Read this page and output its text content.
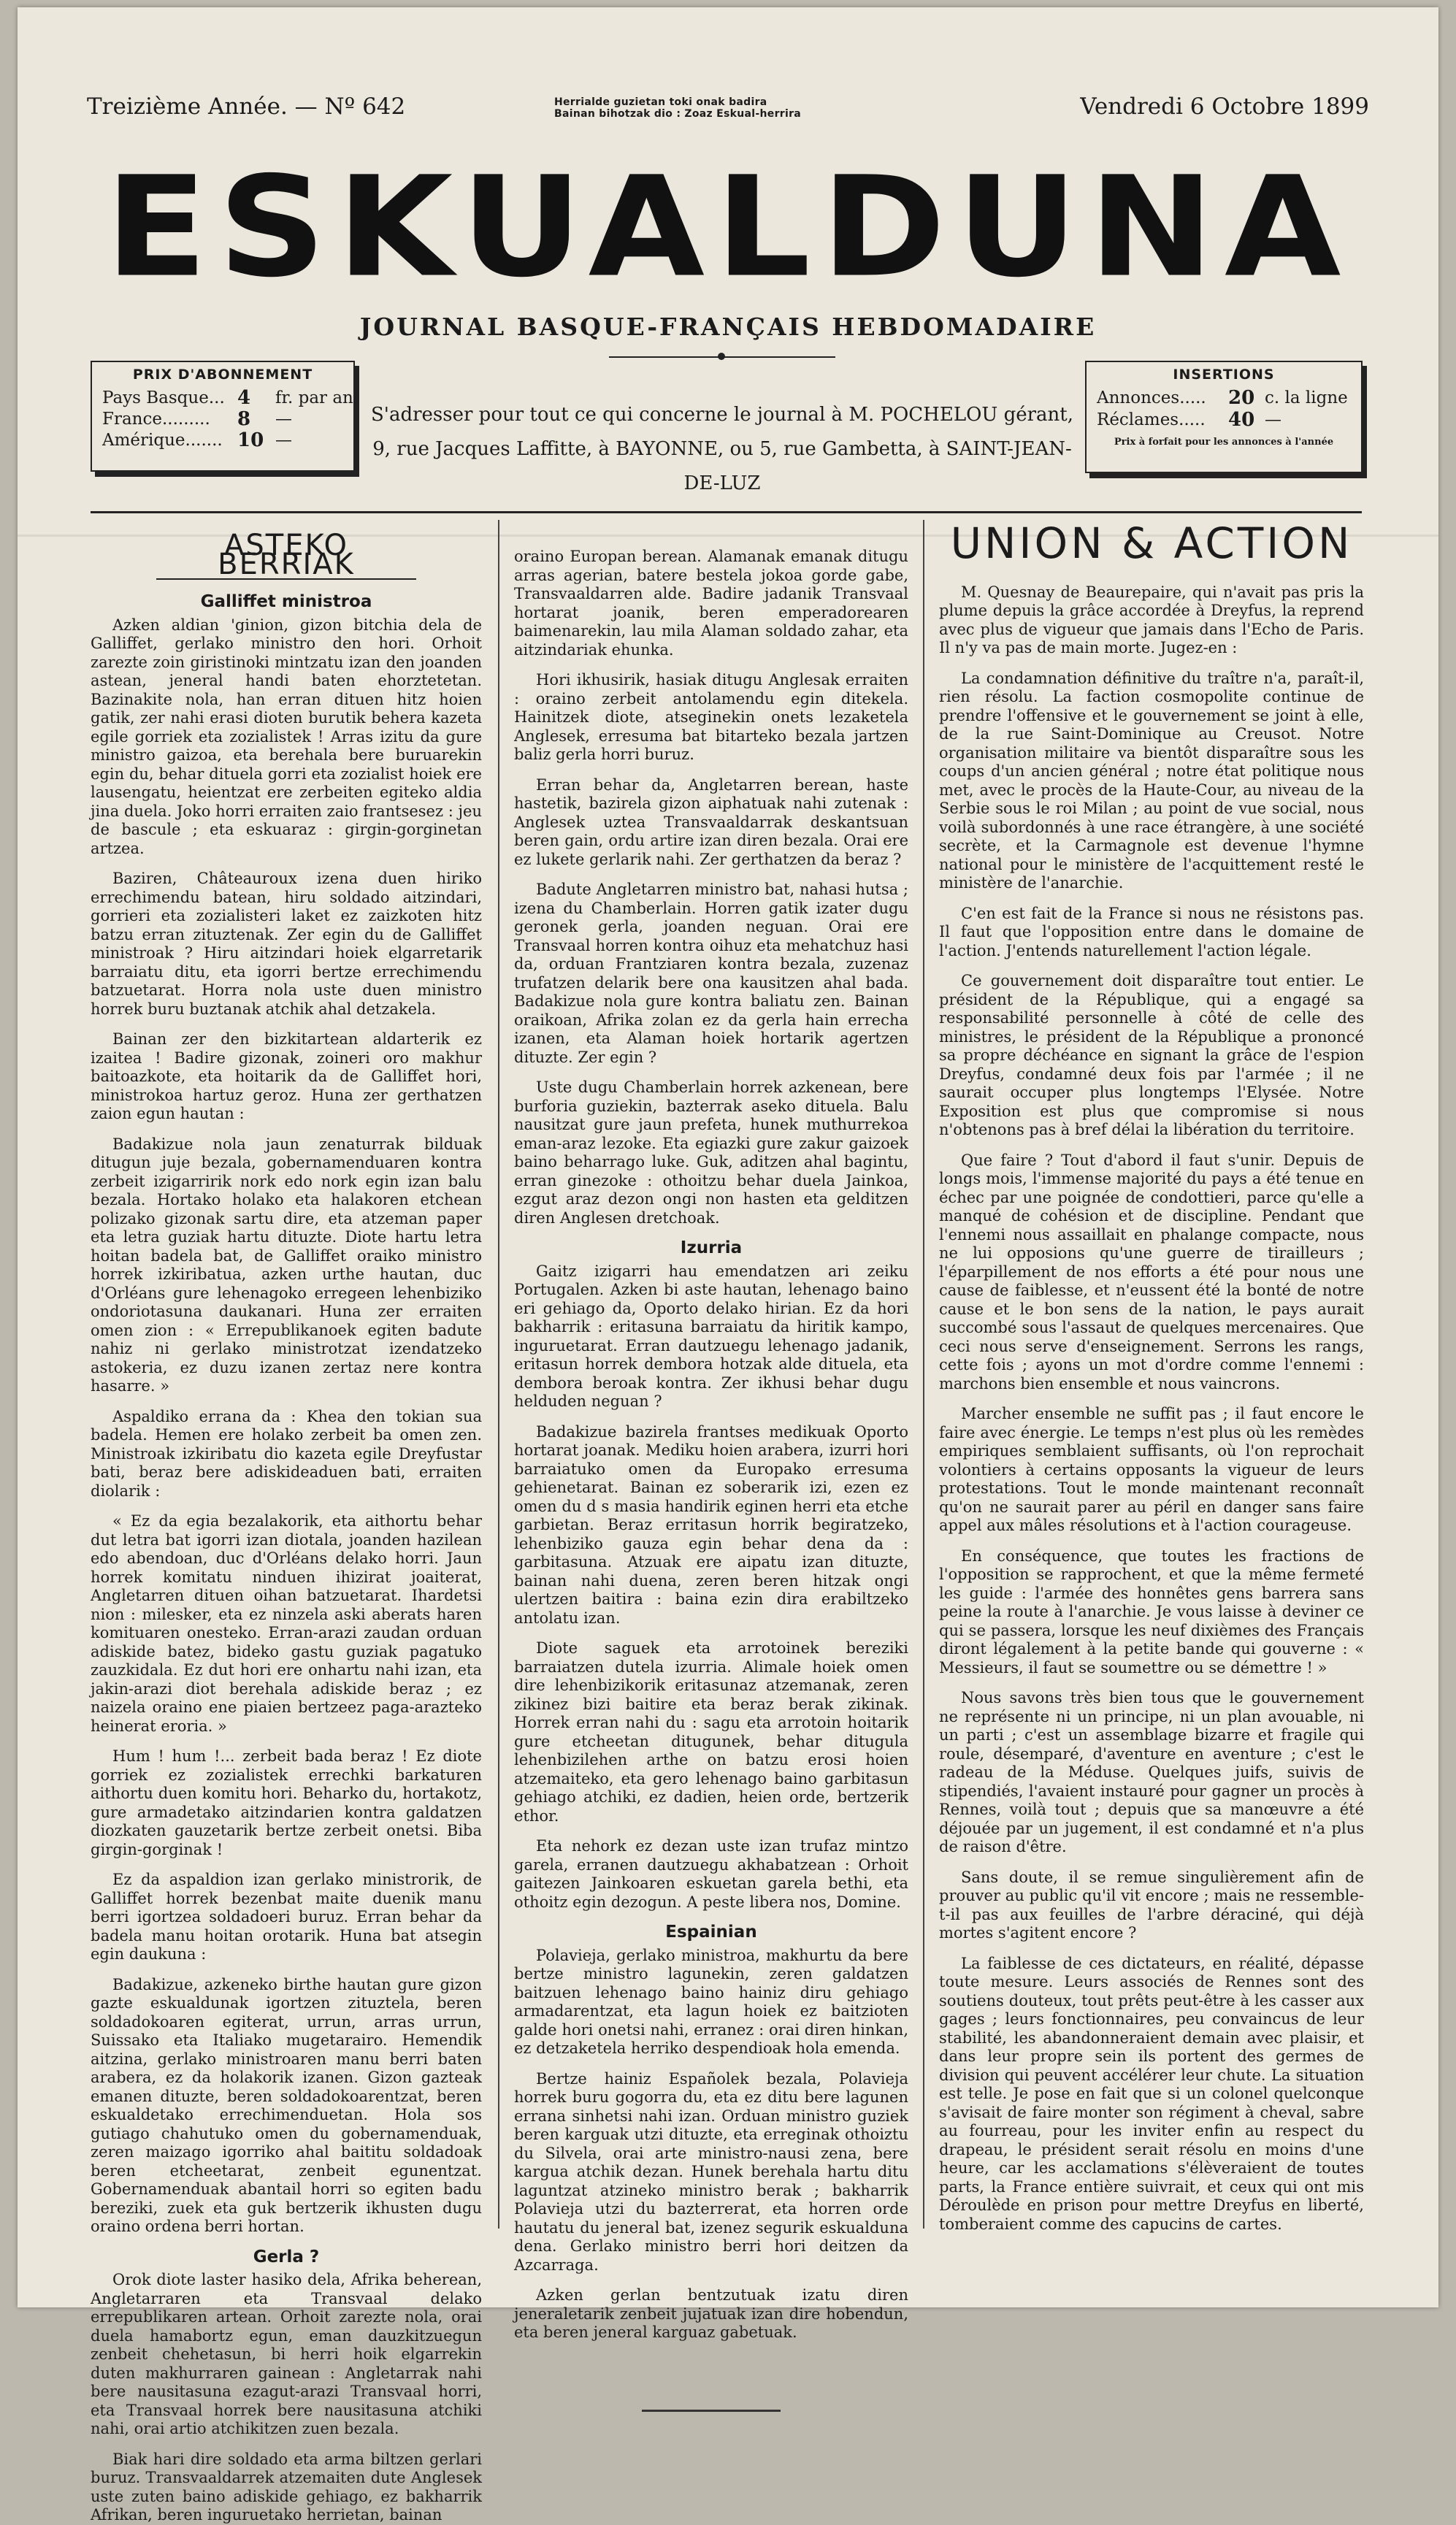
Treizième Année. — Nº 642	Herrialde guzietan toki onak badira
Bainan bihotzak dio : Zoaz Eskual-herrira	Vendredi 6 Octobre 1899
ESKUALDUNA
JOURNAL BASQUE-FRANÇAIS HEBDOMADAIRE
PRIX D'ABONNEMENT
Pays Basque... 4	fr. par an
France.........	8	—
Amérique....... 10 —
S'adresser pour tout ce qui concerne le journal à M. POCHELOU gérant,
9, rue Jacques Laffitte, à BAYONNE, ou 5, rue Gambetta, à SAINT-JEAN-DE-LUZ
INSERTIONS
Annonces.....	20 c. la ligne
Réclames.....	40 —
Prix à forfait pour les annonces à l'année
ASTEKO BERRIAK
Galliffet ministroa

Azken aldian 'ginion, gizon bitchia dela de Galliffet, gerlako ministro den hori. Orhoit zarezte zoin giristinoki mintzatu izan den joanden astean, jeneral handi baten ehorztetetan. Bazinakite nola, han erran dituen hitz hoien gatik, zer nahi erasi dioten burutik behera kazeta egile gorriek eta zozialistek ! Arras izitu da gure ministro gaizoa, eta berehala bere buruarekin egin du, behar dituela gorri eta zozialist hoiek ere lausengatu, heientzat ere zerbeiten egiteko aldia jina duela. Joko horri erraiten zaio frantsesez : jeu de bascule ; eta eskuaraz : girgin-gorginetan artzea.

Baziren, Châteauroux izena duen hiriko errechimendu batean, hiru soldado aitzindari, gorrieri eta zozialisteri laket ez zaizkoten hitz batzu erran zituztenak. Zer egin du de Galliffet ministroak ? Hiru aitzindari hoiek elgarretarik barraiatu ditu, eta igorri bertze errechimendu batzuetarat. Horra nola uste duen ministro horrek buru buztanak atchik ahal detzakela.

Bainan zer den bizkitartean aldarterik ez izaitea ! Badire gizonak, zoineri oro makhur baitoazkote, eta hoitarik da de Galliffet hori, ministrokoa hartuz geroz. Huna zer gerthatzen zaion egun hautan :

Badakizue nola jaun zenaturrak bilduak ditugun juje bezala, gobernamenduaren kontra zerbeit izigarririk nork edo nork egin izan balu bezala. Hortako holako eta halakoren etchean polizako gizonak sartu dire, eta atzeman paper eta letra guziak hartu dituzte. Diote hartu letra hoitan badela bat, de Galliffet oraiko ministro horrek izkiribatua, azken urthe hautan, duc d'Orléans gure lehenagoko erregeen lehenbiziko ondoriotasuna daukanari. Huna zer erraiten omen zion : « Errepublikanoek egiten badute nahiz ni gerlako ministrotzat izendatzeko astokeria, ez duzu izanen zertaz nere kontra hasarre. »

Aspaldiko errana da : Khea den tokian sua badela. Hemen ere holako zerbeit ba omen zen. Ministroak izkiribatu dio kazeta egile Dreyfustar bati, beraz bere adiskideaduen bati, erraiten diolarik :

« Ez da egia bezalakorik, eta aithortu behar dut letra bat igorri izan diotala, joanden hazilean edo abendoan, duc d'Orléans delako horri. Jaun horrek komitatu ninduen ihizirat joaiterat, Angletarren dituen oihan batzuetarat. Ihardetsi nion : milesker, eta ez ninzela aski aberats haren komituaren onesteko. Erran-arazi zaudan orduan adiskide batez, bideko gastu guziak pagatuko zauzkidala. Ez dut hori ere onhartu nahi izan, eta jakin-arazi diot berehala adiskide beraz ; ez naizela oraino ene piaien bertzeez paga-arazteko heinerat eroria. »

Hum ! hum !... zerbeit bada beraz ! Ez diote gorriek ez zozialistek errechki barkaturen aithortu duen komitu hori. Beharko du, hortakotz, gure armadetako aitzindarien kontra galdatzen diozkaten gauzetarik bertze zerbeit onetsi. Biba girgin-gorginak !

Ez da aspaldion izan gerlako ministrorik, de Galliffet horrek bezenbat maite duenik manu berri igortzea soldadoeri buruz. Erran behar da badela manu hoitan orotarik. Huna bat atsegin egin daukuna :

Badakizue, azkeneko birthe hautan gure gizon gazte eskualdunak igortzen zituztela, beren soldadokoaren egiterat, urrun, arras urrun, Suissako eta Italiako mugetarairo. Hemendik aitzina, gerlako ministroaren manu berri baten arabera, ez da holakorik izanen. Gizon gazteak emanen dituzte, beren soldadokoarentzat, beren eskualdetako errechimenduetan. Hola sos gutiago chahutuko omen du gobernamenduak, zeren maizago igorriko ahal baititu soldadoak beren etcheetarat, zenbeit egunentzat. Gobernamenduak abantail horri so egiten badu bereziki, zuek eta guk bertzerik ikhusten dugu oraino ordena berri hortan.

Gerla ?

Orok diote laster hasiko dela, Afrika beherean, Angletarraren eta Transvaal delako errepublikaren artean. Orhoit zarezte nola, orai duela hamabortz egun, eman dauzkitzuegun zenbeit chehetasun, bi herri hoik elgarrekin duten makhurraren gainean : Angletarrak nahi bere nausitasuna ezagut-arazi Transvaal horri, eta Transvaal horrek bere nausitasuna atchiki nahi, orai artio atchikitzen zuen bezala.

Biak hari dire soldado eta arma biltzen gerlari buruz. Transvaaldarrek atzemaiten dute Anglesek uste zuten baino adiskide gehiago, ez bakharrik Afrikan, beren inguruetako herrietan, bainan

oraino Europan berean. Alamanak emanak ditugu arras agerian, batere bestela jokoa gorde gabe, Transvaaldarren alde. Badire jadanik Transvaal hortarat joanik, beren emperadorearen baimenarekin, lau mila Alaman soldado zahar, eta aitzindariak ehunka.

Hori ikhusirik, hasiak ditugu Anglesak erraiten : oraino zerbeit antolamendu egin ditekela. Hainitzek diote, atseginekin onets lezaketela Anglesek, erresuma bat bitarteko bezala jartzen baliz gerla horri buruz.

Erran behar da, Angletarren berean, haste hastetik, bazirela gizon aiphatuak nahi zutenak : Anglesek uztea Transvaaldarrak deskantsuan beren gain, ordu artire izan diren bezala. Orai ere ez lukete gerlarik nahi. Zer gerthatzen da beraz ?

Badute Angletarren ministro bat, nahasi hutsa ; izena du Chamberlain. Horren gatik izater dugu geronek gerla, joanden neguan. Orai ere Transvaal horren kontra oihuz eta mehatchuz hasi da, orduan Frantziaren kontra bezala, zuzenaz trufatzen delarik bere ona kausitzen ahal bada. Badakizue nola gure kontra baliatu zen. Bainan oraikoan, Afrika zolan ez da gerla hain errecha izanen, eta Alaman hoiek hortarik agertzen dituzte. Zer egin ?

Uste dugu Chamberlain horrek azkenean, bere burforia guziekin, bazterrak aseko dituela. Balu nausitzat gure jaun prefeta, hunek muthurrekoa eman-araz lezoke. Eta egiazki gure zakur gaizoek baino beharrago luke. Guk, aditzen ahal bagintu, erran ginezoke : othoitzu behar duela Jainkoa, ezgut araz dezon ongi non hasten eta gelditzen diren Anglesen dretchoak.

Izurria

Gaitz izigarri hau emendatzen ari zeiku Portugalen. Azken bi aste hautan, lehenago baino eri gehiago da, Oporto delako hirian. Ez da hori bakharrik : eritasuna barraiatu da hiritik kampo, inguruetarat. Erran dautzuegu lehenago jadanik, eritasun horrek dembora hotzak alde dituela, eta dembora beroak kontra. Zer ikhusi behar dugu helduden neguan ?

Badakizue bazirela frantses medikuak Oporto hortarat joanak. Mediku hoien arabera, izurri hori barraiatuko omen da Europako erresuma gehienetarat. Bainan ez soberarik izi, ezen ez omen du d s masia handirik eginen herri eta etche garbietan. Beraz erritasun horrik begiratzeko, lehenbiziko gauza egin behar dena da : garbitasuna. Atzuak ere aipatu izan dituzte, bainan nahi duena, zeren beren hitzak ongi ulertzen baitira : baina ezin dira erabiltzeko antolatu izan.

Diote saguek eta arrotoinek bereziki barraiatzen dutela izurria. Alimale hoiek omen dire lehenbizikorik eritasunaz atzemanak, zeren zikinez bizi baitire eta beraz berak zikinak. Horrek erran nahi du : sagu eta arrotoin hoitarik gure etcheetan ditugunek, behar ditugula lehenbizilehen arthe on batzu erosi hoien atzemaiteko, eta gero lehenago baino garbitasun gehiago atchiki, ez dadien, heien orde, bertzerik ethor.

Eta nehork ez dezan uste izan trufaz mintzo garela, erranen dautzuegu akhabatzean : Orhoit gaitezen Jainkoaren eskuetan garela bethi, eta othoitz egin dezogun. A peste libera nos, Domine.

Espainian

Polavieja, gerlako ministroa, makhurtu da bere bertze ministro lagunekin, zeren galdatzen baitzuen lehenago baino hainiz diru gehiago armadarentzat, eta lagun hoiek ez baitzioten galde hori onetsi nahi, erranez : orai diren hinkan, ez detzaketela herriko despendioak hola emenda.

Bertze hainiz Españolek bezala, Polavieja horrek buru gogorra du, eta ez ditu bere lagunen errana sinhetsi nahi izan. Orduan ministro guziek beren karguak utzi dituzte, eta erreginak othoiztu du Silvela, orai arte ministro-nausi zena, bere kargua atchik dezan. Hunek berehala hartu ditu laguntzat atzineko ministro berak ; bakharrik Polavieja utzi du bazterrerat, eta horren orde hautatu du jeneral bat, izenez segurik eskualduna dena. Gerlako ministro berri hori deitzen da Azcarraga.

Azken gerlan bentzutuak izatu diren jeneraletarik zenbeit jujatuak izan dire hobendun, eta beren jeneral karguaz gabetuak.

UNION & ACTION

M. Quesnay de Beaurepaire, qui n'avait pas pris la plume depuis la grâce accordée à Dreyfus, la reprend avec plus de vigueur que jamais dans l'Echo de Paris. Il n'y va pas de main morte. Jugez-en :

La condamnation définitive du traître n'a, paraît-il, rien résolu. La faction cosmopolite continue de prendre l'offensive et le gouvernement se joint à elle, de la rue Saint-Dominique au Creusot. Notre organisation militaire va bientôt disparaître sous les coups d'un ancien général ; notre état politique nous met, avec le procès de la Haute-Cour, au niveau de la Serbie sous le roi Milan ; au point de vue social, nous voilà subordonnés à une race étrangère, à une société secrète, et la Carmagnole est devenue l'hymne national pour le ministère de l'acquittement resté le ministère de l'anarchie.

C'en est fait de la France si nous ne résistons pas. Il faut que l'opposition entre dans le domaine de l'action. J'entends naturellement l'action légale.

Ce gouvernement doit disparaître tout entier. Le président de la République, qui a engagé sa responsabilité personnelle à côté de celle des ministres, le président de la République a prononcé sa propre déchéance en signant la grâce de l'espion Dreyfus, condamné deux fois par l'armée ; il ne saurait occuper plus longtemps l'Elysée. Notre Exposition est plus que compromise si nous n'obtenons pas à bref délai la libération du territoire.

Que faire ? Tout d'abord il faut s'unir. Depuis de longs mois, l'immense majorité du pays a été tenue en échec par une poignée de condottieri, parce qu'elle a manqué de cohésion et de discipline. Pendant que l'ennemi nous assaillait en phalange compacte, nous ne lui opposions qu'une guerre de tirailleurs ; l'éparpillement de nos efforts a été pour nous une cause de faiblesse, et n'eussent été la bonté de notre cause et le bon sens de la nation, le pays aurait succombé sous l'assaut de quelques mercenaires. Que ceci nous serve d'enseignement. Serrons les rangs, cette fois ; ayons un mot d'ordre comme l'ennemi : marchons bien ensemble et nous vaincrons.

Marcher ensemble ne suffit pas ; il faut encore le faire avec énergie. Le temps n'est plus où les remèdes empiriques semblaient suffisants, où l'on reprochait volontiers à certains opposants la vigueur de leurs protestations. Tout le monde maintenant reconnaît qu'on ne saurait parer au péril en danger sans faire appel aux mâles résolutions et à l'action courageuse.

En conséquence, que toutes les fractions de l'opposition se rapprochent, et que la même fermeté les guide : l'armée des honnêtes gens barrera sans peine la route à l'anarchie. Je vous laisse à deviner ce qui se passera, lorsque les neuf dixièmes des Français diront légalement à la petite bande qui gouverne : « Messieurs, il faut se soumettre ou se démettre ! »

Nous savons très bien tous que le gouvernement ne représente ni un principe, ni un plan avouable, ni un parti ; c'est un assemblage bizarre et fragile qui roule, désemparé, d'aventure en aventure ; c'est le radeau de la Méduse. Quelques juifs, suivis de stipendiés, l'avaient instauré pour gagner un procès à Rennes, voilà tout ; depuis que sa manœuvre a été déjouée par un jugement, il est condamné et n'a plus de raison d'être.

Sans doute, il se remue singulièrement afin de prouver au public qu'il vit encore ; mais ne ressemble-t-il pas aux feuilles de l'arbre déraciné, qui déjà mortes s'agitent encore ?

La faiblesse de ces dictateurs, en réalité, dépasse toute mesure. Leurs associés de Rennes sont des soutiens douteux, tout prêts peut-être à les casser aux gages ; leurs fonctionnaires, peu convaincus de leur stabilité, les abandonneraient demain avec plaisir, et dans leur propre sein ils portent des germes de division qui peuvent accélérer leur chute. La situation est telle. Je pose en fait que si un colonel quelconque s'avisait de faire monter son régiment à cheval, sabre au fourreau, pour les inviter enfin au respect du drapeau, le président serait résolu en moins d'une heure, car les acclamations s'élèveraient de toutes parts, la France entière suivrait, et ceux qui ont mis Déroulède en prison pour mettre Dreyfus en liberté, tomberaient comme des capucins de cartes.
